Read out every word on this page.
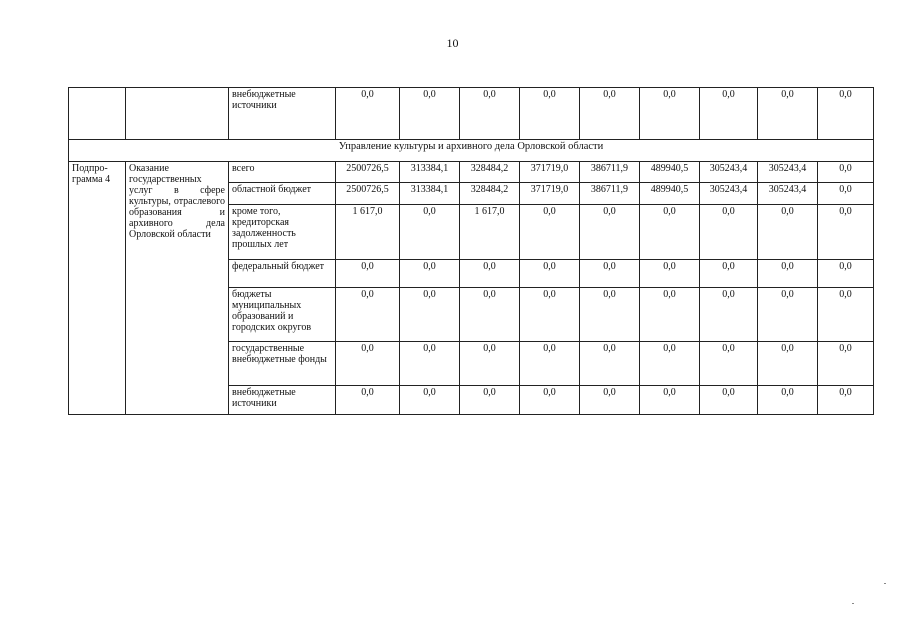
10
		внебюджетные источники	0,0	0,0	0,0	0,0	0,0	0,0	0,0	0,0	0,0
Управление культуры и архивного дела Орловской области											
Подпро- грамма 4	Оказание государственных услуг в сфере культуры, отраслевого образования и архивного дела Орловской области	всего	2500726,5	313384,1	328484,2	371719,0	386711,9	489940,5	305243,4	305243,4	0,0
		областной бюджет	2500726,5	313384,1	328484,2	371719,0	386711,9	489940,5	305243,4	305243,4	0,0
		кроме того, кредиторская задолженность прошлых лет	1 617,0	0,0	1 617,0	0,0	0,0	0,0	0,0	0,0	0,0
		федеральный бюджет	0,0	0,0	0,0	0,0	0,0	0,0	0,0	0,0	0,0
		бюджеты муниципальных образований и городских округов	0,0	0,0	0,0	0,0	0,0	0,0	0,0	0,0	0,0
		государственные внебюджетные фонды	0,0	0,0	0,0	0,0	0,0	0,0	0,0	0,0	0,0
		внебюджетные источники	0,0	0,0	0,0	0,0	0,0	0,0	0,0	0,0	0,0
